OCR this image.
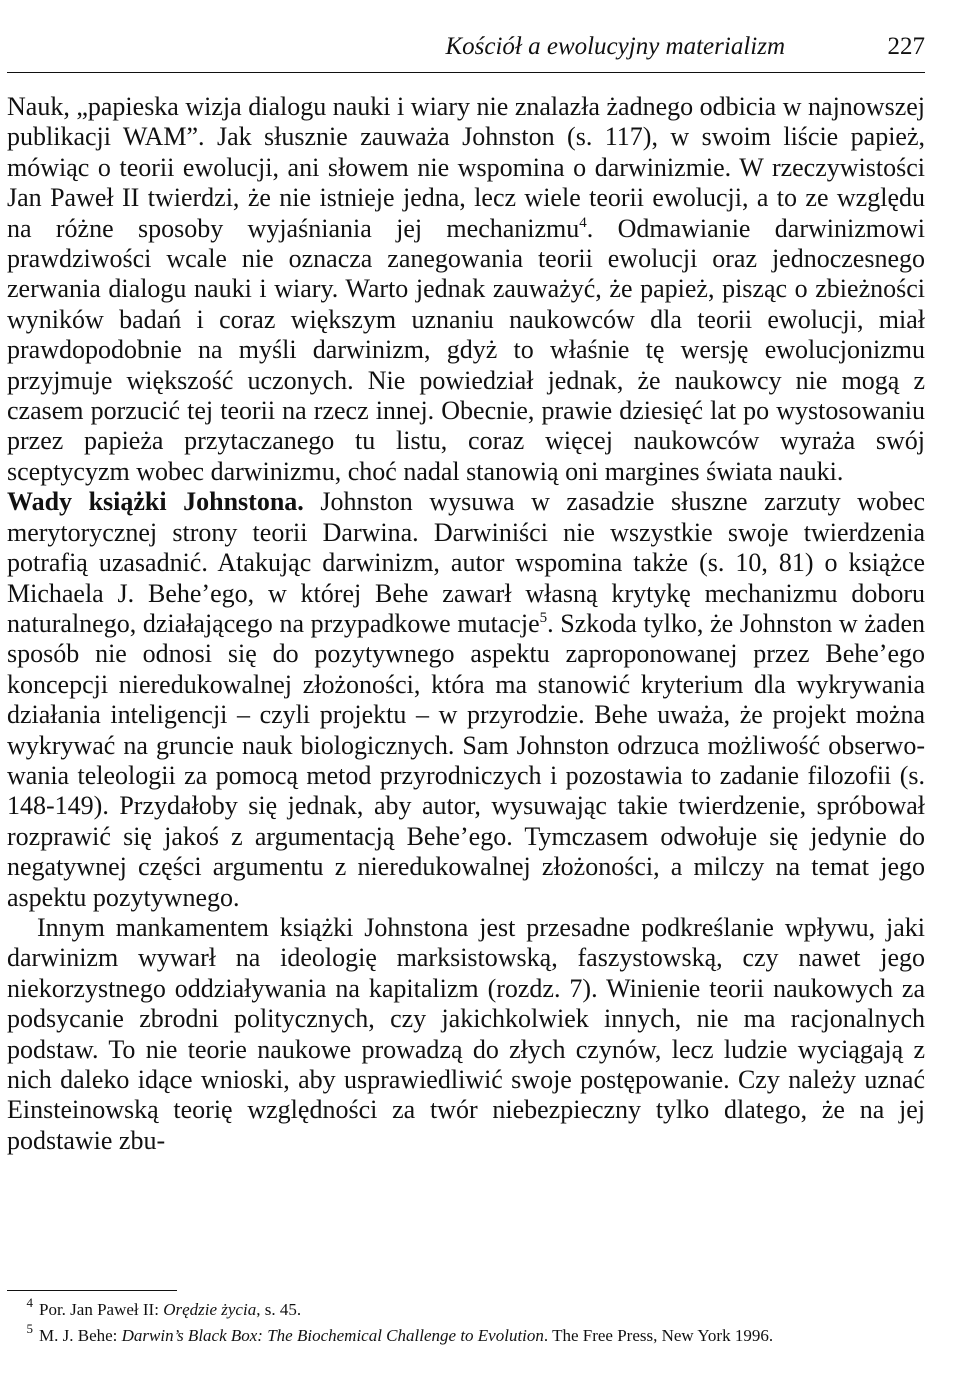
Kościół a ewolucyjny materializm	227

Nauk, „papieska wizja dialogu nauki i wiary nie znalazła żadnego odbicia w najnowszej publikacji WAM”. Jak słusznie zauważa Johnston (s. 117), w swoim liście papież, mówiąc o teorii ewolucji, ani słowem nie wspomina o darwinizmie. W rzeczywistości Jan Paweł II twierdzi, że nie istnieje jedna, lecz wiele teorii ewolucji, a to ze względu na różne sposoby wyjaśniania jej mechanizmu$^4$. Odmawianie darwinizmowi prawdziwości wcale nie oznacza zanegowania teorii ewolucji oraz jednoczesnego zerwania dialogu nauki i wiary. Warto jednak zauważyć, że papież, pisząc o zbieżności wyników badań i coraz większym uznaniu naukowców dla teorii ewolucji, miał prawdopodobnie na myśli darwinizm, gdyż to właśnie tę wersję ewolucjonizmu przyjmuje większość uczonych. Nie powiedział jednak, że naukowcy nie mogą z czasem porzucić tej teorii na rzecz innej. Obecnie, prawie dziesięć lat po wystosowaniu przez papieża przytaczanego tu listu, coraz więcej naukowców wyraża swój sceptycyzm wobec darwinizmu, choć nadal stanowią oni margines świata nauki.

Wady książki Johnstona. Johnston wysuwa w zasadzie słuszne zarzuty wobec merytorycznej strony teorii Darwina. Darwiniści nie wszystkie swoje twierdzenia potrafią uzasadnić. Atakując darwinizm, autor wspomina także (s. 10, 81) o książce Michaela J. Behe’ego, w której Behe zawarł własną krytykę mechanizmu doboru naturalnego, działającego na przypadkowe mutacje$^5$. Szkoda tylko, że Johnston w żaden sposób nie odnosi się do pozytywnego aspektu zaproponowanej przez Behe’ego koncepcji nieredukowalnej złożoności, która ma stanowić kryterium dla wykrywania działania inteligencji – czyli projektu – w przyrodzie. Behe uważa, że projekt można wykrywać na gruncie nauk biologicznych. Sam Johnston odrzuca możliwość obserwowania teleologii za pomocą metod przyrodniczych i pozostawia to zadanie filozofii (s. 148-149). Przydałoby się jednak, aby autor, wysuwając takie twierdzenie, spróbował rozprawić się jakoś z argumentacją Behe’ego. Tymczasem odwołuje się jedynie do negatywnej części argumentu z nieredukowalnej złożoności, a milczy na temat jego aspektu pozytywnego.

Innym mankamentem książki Johnstona jest przesadne podkreślanie wpływu, jaki darwinizm wywarł na ideologię marksistowską, faszystowską, czy nawet jego niekorzystnego oddziaływania na kapitalizm (rozdz. 7). Winienie teorii naukowych za podsycanie zbrodni politycznych, czy jakichkolwiek innych, nie ma racjonalnych podstaw. To nie teorie naukowe prowadzą do złych czynów, lecz ludzie wyciągają z nich daleko idące wnioski, aby usprawiedliwić swoje postępowanie. Czy należy uznać Einsteinowską teorię względności za twór niebezpieczny tylko dlatego, że na jej podstawie zbu-

$^4$ Por. Jan Paweł II: Orędzie życia, s. 45.

$^5$ M. J. Behe: Darwin’s Black Box: The Biochemical Challenge to Evolution. The Free Press, New York 1996.
